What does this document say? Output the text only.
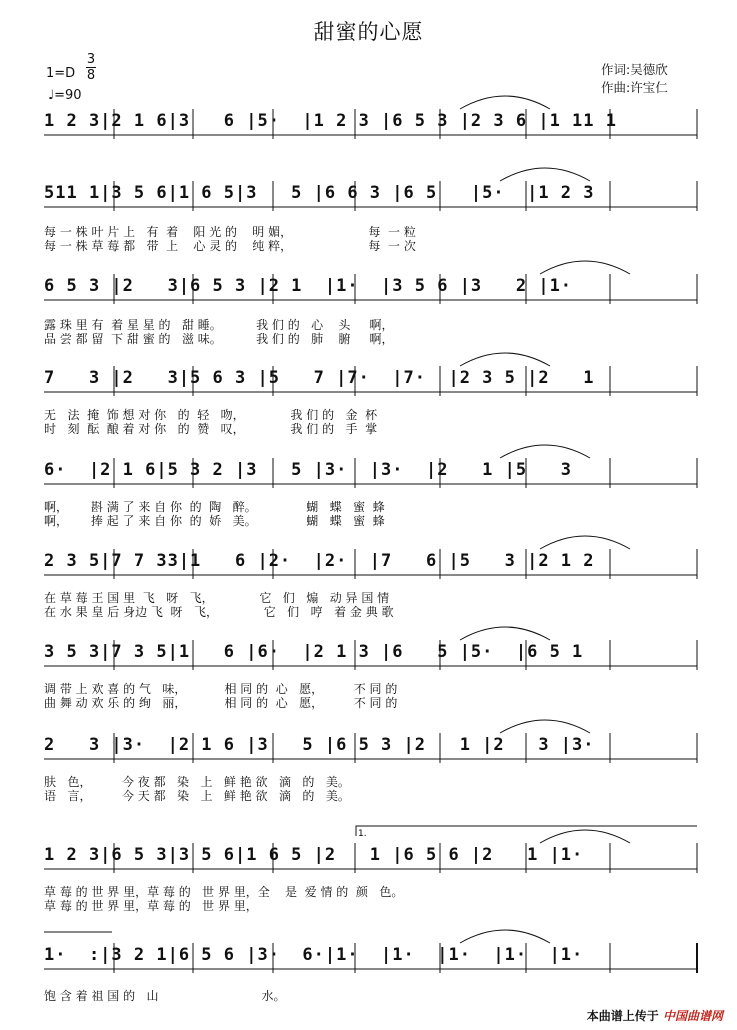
1.
甜蜜的心愿
1=D
3
8
♩=90
作词:吴德欣
作曲:许宝仁
1 2 3|2 1 6|3   6 |5·  |1 2 3 |6 5 3 |2 3 6 |1 11 1
511 1|3 5 6|1 6 5|3   5 |6 6 3 |6 5   |5·  |1 2 3
每 一 株 叶 片 上   有  着    阳 光 的    明 媚，                    每  一 粒
每 一 株 草 莓 都   带  上    心 灵 的    纯 粹，                    每  一 次
6 5 3 |2   3|6 5 3 |2 1  |1·  |3 5 6 |3   2 |1·
露 珠 里 有  着 星 星 的   甜 睡。         我 们 的   心    头     啊，
品 尝 都 留  下 甜 蜜 的   滋 味。         我 们 的   肺    腑     啊，
7   3 |2   3|5 6 3 |5   7 |7·  |7·  |2 3 5 |2   1
无   法  掩  饰 想 对 你   的  轻   吻，            我 们 的   金  杯
时   刻  酝  酿 着 对 你   的  赞   叹，            我 们 的   手  掌
6·  |2 1 6|5 3 2 |3   5 |3·  |3·  |2   1 |5   3
啊，      斟 满 了 来 自 你  的  陶   醉。             蝴   蝶   蜜  蜂
啊，      捧 起 了 来 自 你  的  娇   美。             蝴   蝶   蜜  蜂
2 3 5|7 7 33|1   6 |2·  |2·  |7   6 |5   3 |2 1 2
在 草 莓 王 国 里  飞   呀   飞，            它   们   煽   动 异 国 情
在 水 果 皇 后 身边 飞  呀   飞，            它   们   哼   着 金 典 歌
3 5 3|7 3 5|1   6 |6·  |2 1 3 |6   5 |5·  |6 5 1
调 带 上 欢 喜 的 气   味，          相 同 的  心   愿，        不 同 的
曲 舞 动 欢 乐 的 绚   丽，          相 同 的  心   愿，        不 同 的
2   3 |3·  |2 1 6 |3   5 |6 5 3 |2   1 |2   3 |3·
肤   色，        今 夜 都   染   上   鲜 艳 欲   滴   的   美。
语   言，        今 天 都   染   上   鲜 艳 欲   滴   的   美。
1 2 3|6 5 3|3 5 6|1 6 5 |2   1 |6 5 6 |2   1 |1·
草 莓 的 世 界 里，草 莓 的   世 界 里，全    是  爱 情 的  颜   色。
草 莓 的 世 界 里，草 莓 的   世 界 里，
1·  :|3 2 1|6 5 6 |3·  6·|1·  |1·  |1·  |1·  |1·
饱 含 着 祖 国 的   山                           水。
本曲谱上传于 中国曲谱网
